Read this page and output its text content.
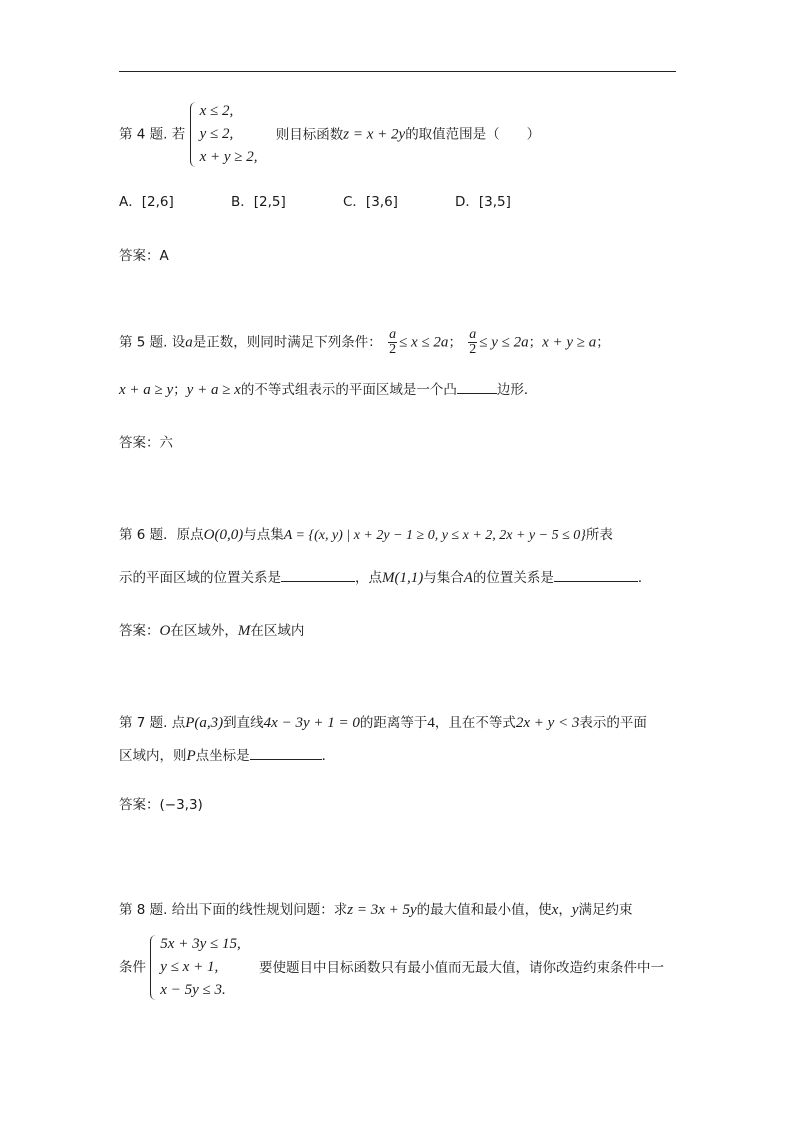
第 4 题. 若
x ≤ 2,
y ≤ 2,
x + y ≥ 2,
则目标函数z = x + 2y的取值范围是（　　）
A．[2,6]	B．[2,5]	C．[3,6]	D．[3,5]
答案：A
第 5 题. 设a是正数，则同时满足下列条件： $\frac{a}{2} \le x \le 2a$； $\frac{a}{2} \le y \le 2a$；x + y ≥ a；
x + a ≥ y；y + a ≥ x的不等式组表示的平面区域是一个凸	边形．
答案：六
第 6 题．原点O(0,0)与点集A = {(x, y) | x + 2y − 1 ≥ 0, y ≤ x + 2, 2x + y − 5 ≤ 0}所表
示的平面区域的位置关系是	，点M(1,1)与集合A的位置关系是	．
答案：O在区域外，M在区域内
第 7 题. 点P(a,3)到直线4x − 3y + 1 = 0的距离等于4，且在不等式2x + y < 3表示的平面
区域内，则P点坐标是	．
答案：(−3,3)
第 8 题. 给出下面的线性规划问题：求z = 3x + 5y的最大值和最小值，使x，y满足约束
条件
5x + 3y ≤ 15,
y ≤ x + 1,
x − 5y ≤ 3.
要使题目中目标函数只有最小值而无最大值，请你改造约束条件中一
